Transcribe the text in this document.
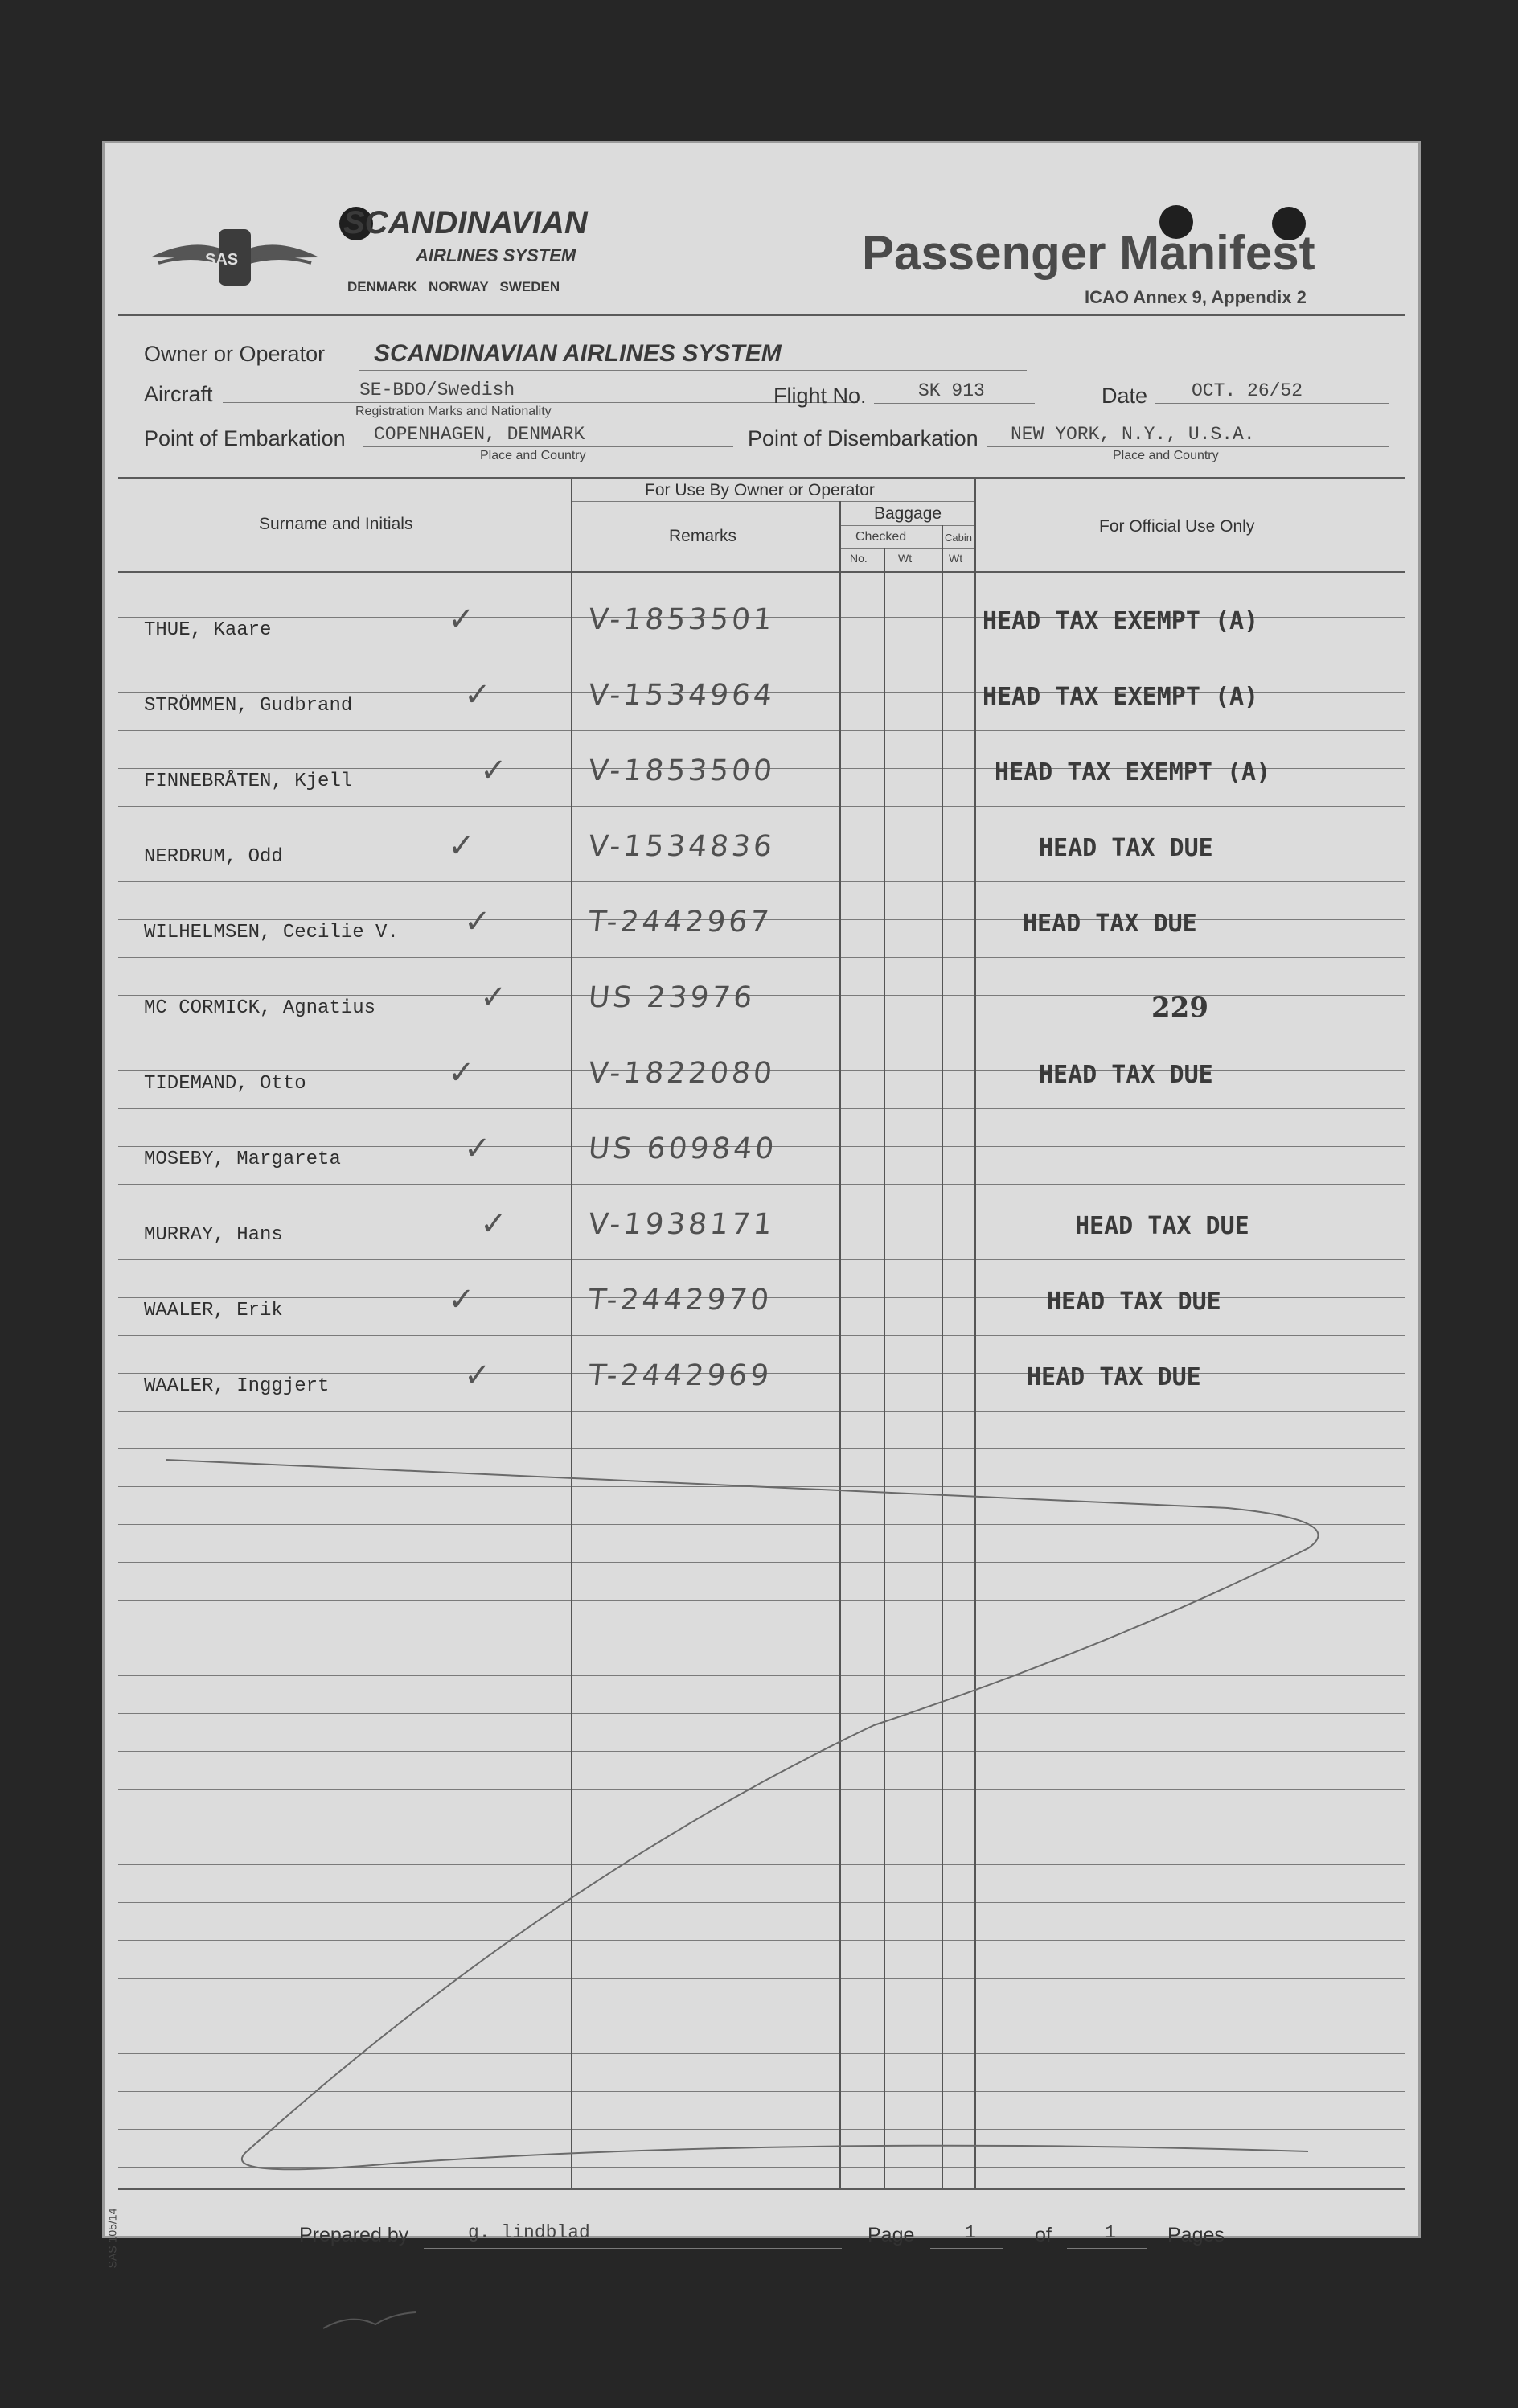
SAS
SCANDINAVIAN
AIRLINES SYSTEM
DENMARK   NORWAY   SWEDEN
Passenger Manifest
ICAO Annex 9, Appendix 2
Owner or Operator SCANDINAVIAN AIRLINES SYSTEM
Aircraft	SE-BDO/Swedish
Registration Marks and Nationality
Flight No.	SK 913	Date OCT. 26/52
Point of Embarkation COPENHAGEN, DENMARK
Place and Country
Point of Disembarkation NEW YORK, N.Y., U.S.A.
Place and Country
Surname and Initials
For Use By Owner or Operator
Remarks
Baggage
Checked	Cabin
No.	Wt	Wt
For Official Use Only
THUE, Kaare	✓	V-1853501	HEAD TAX EXEMPT (A)
STRÖMMEN, Gudbrand	✓	V-1534964	HEAD TAX EXEMPT (A)
FINNEBRÅTEN, Kjell	✓	V-1853500	HEAD TAX EXEMPT (A)
NERDRUM, Odd	✓	V-1534836	HEAD TAX DUE
WILHELMSEN, Cecilie V. ✓	T-2442967	HEAD TAX DUE
MC CORMICK, Agnatius	✓	US 23976	229
TIDEMAND, Otto	✓	V-1822080	HEAD TAX DUE
MOSEBY, Margareta	✓	US 609840
MURRAY, Hans	✓	V-1938171	HEAD TAX DUE
WAALER, Erik	✓	T-2442970	HEAD TAX DUE
WAALER, Inggjert	✓	T-2442969	HEAD TAX DUE
Prepared by	g. lindblad	Page	1	of	1	Pages
SAS 105/14
